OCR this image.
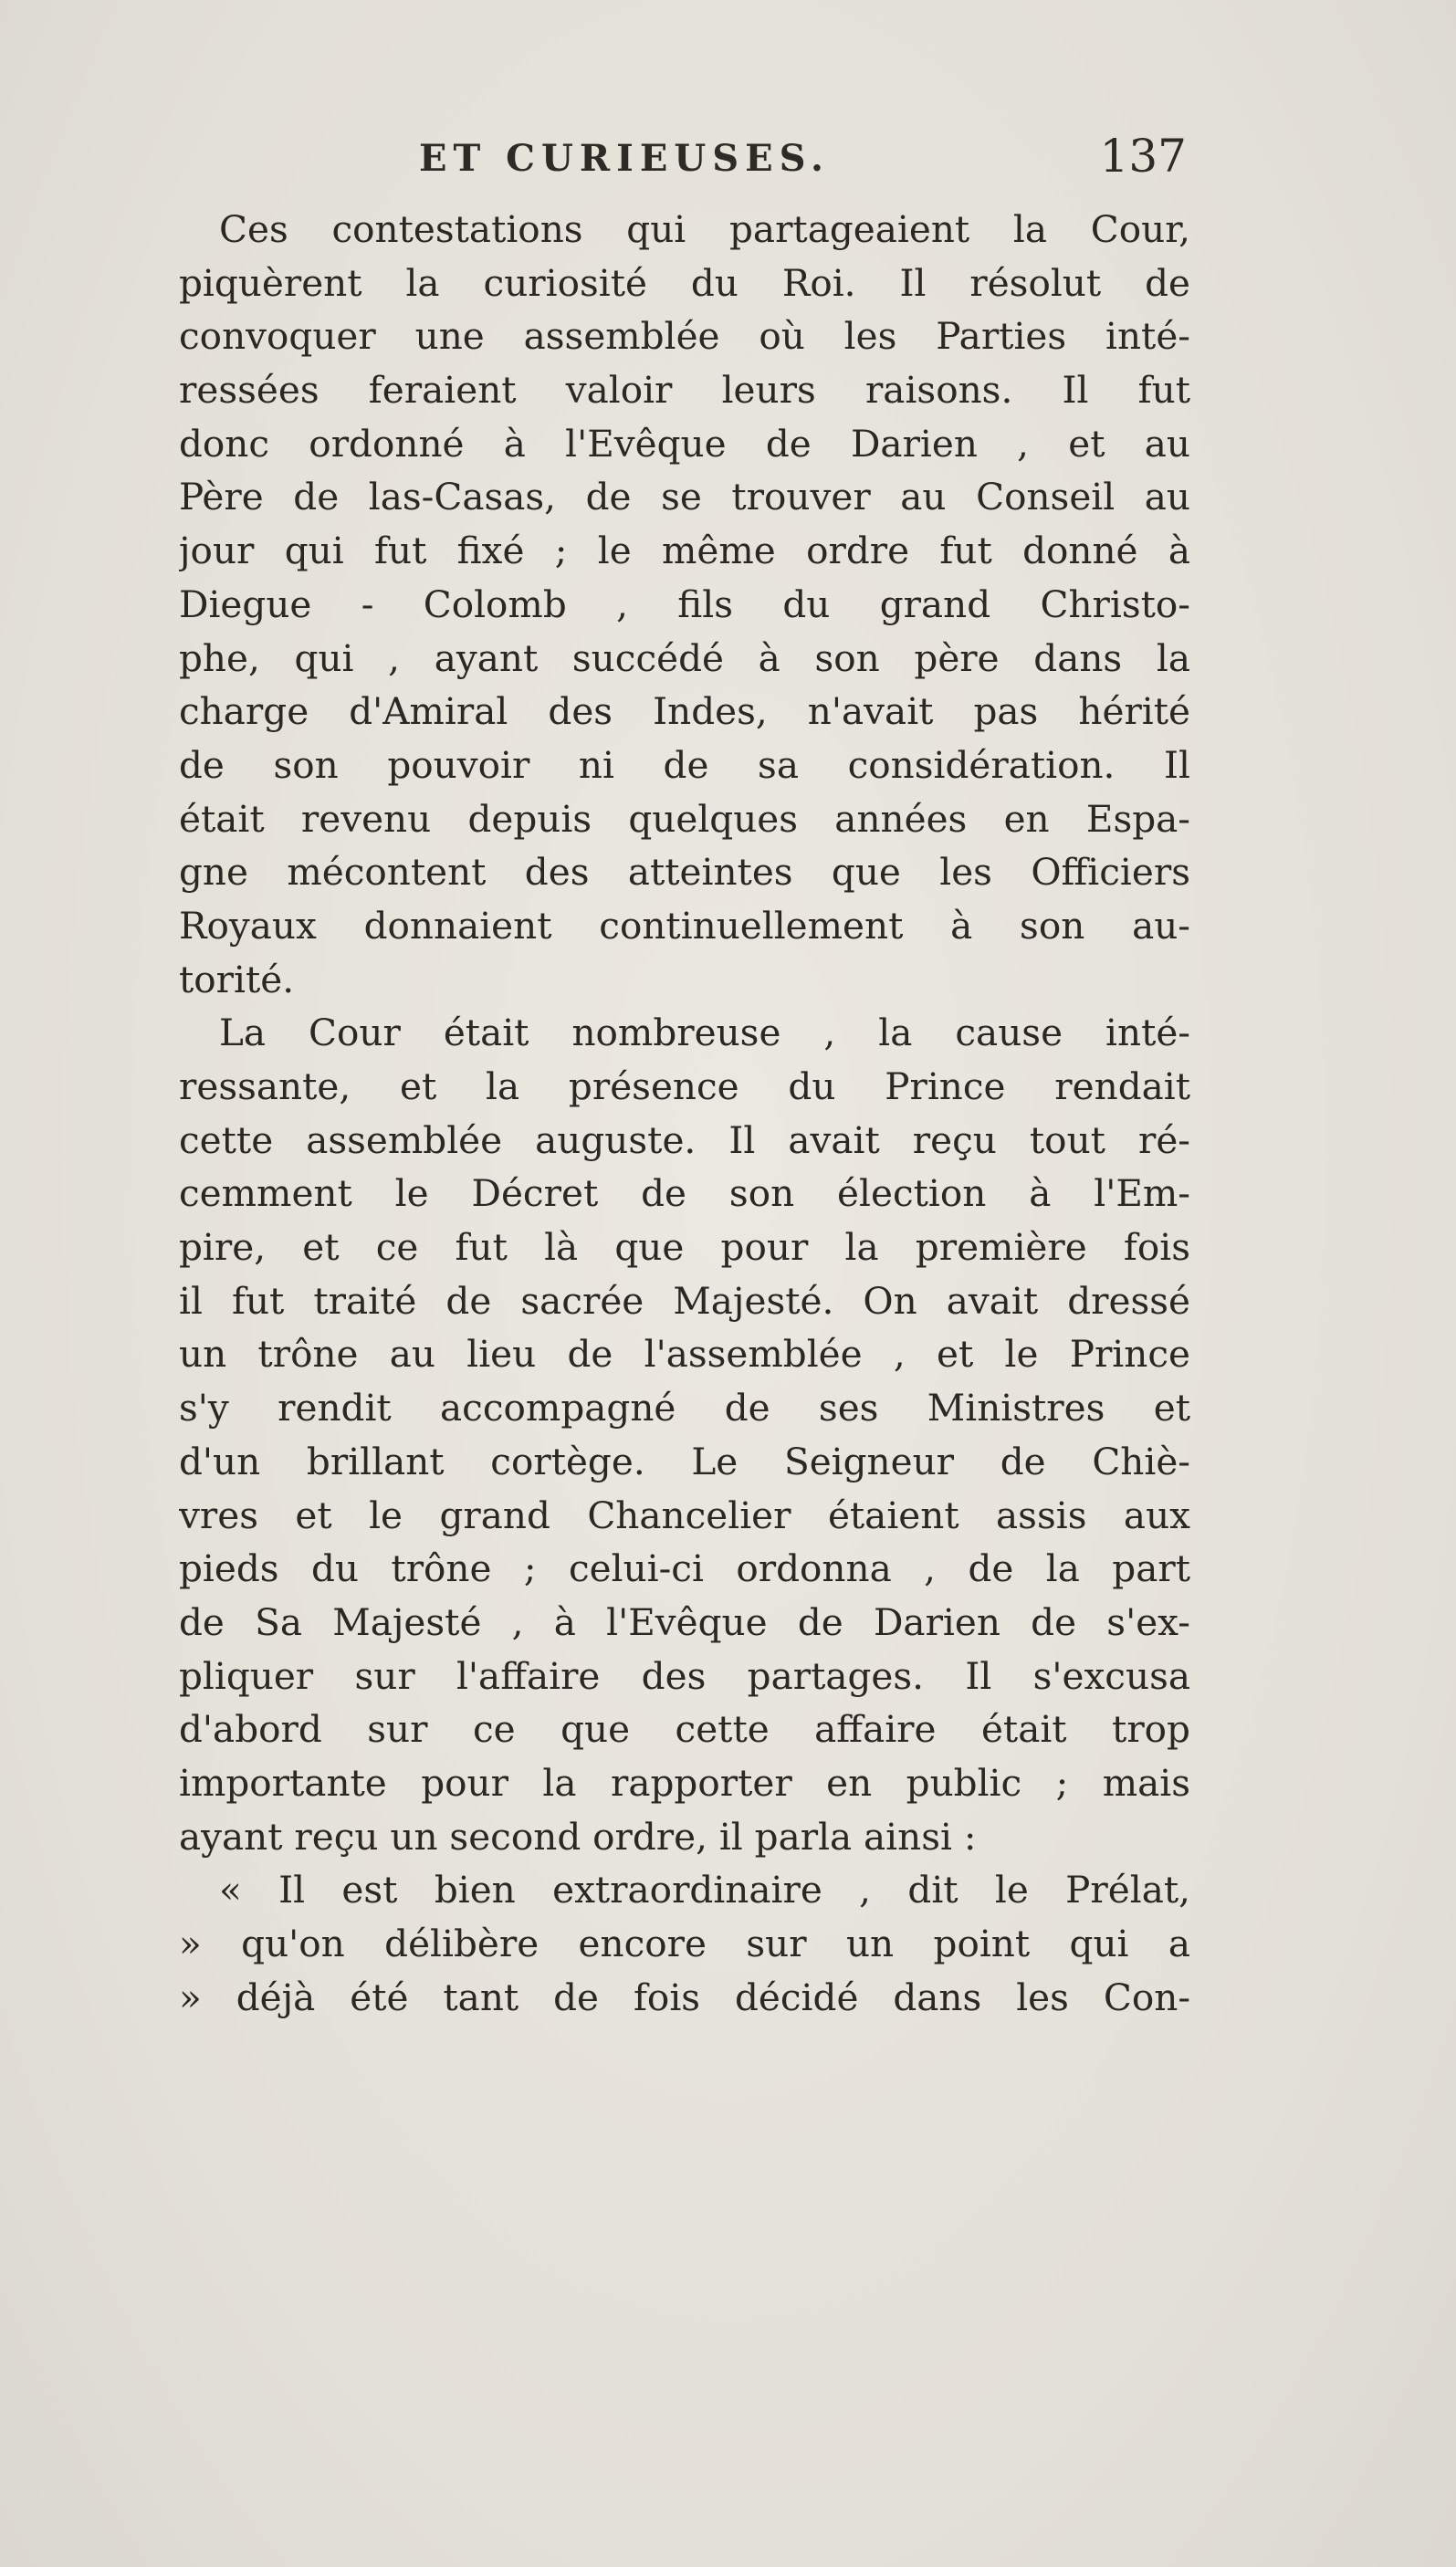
ET CURIEUSES.	137
Ces contestations qui partageaient la Cour,
piquèrent la curiosité du Roi. Il résolut de
convoquer une assemblée où les Parties inté-
ressées feraient valoir leurs raisons. Il fut
donc ordonné à l'Evêque de Darien , et au
Père de las-Casas, de se trouver au Conseil au
jour qui fut fixé ; le même ordre fut donné à
Diegue - Colomb , fils du grand Christo-
phe, qui , ayant succédé à son père dans la
charge d'Amiral des Indes, n'avait pas hérité
de son pouvoir ni de sa considération. Il
était revenu depuis quelques années en Espa-
gne mécontent des atteintes que les Officiers
Royaux donnaient continuellement à son au-
torité.
La Cour était nombreuse , la cause inté-
ressante, et la présence du Prince rendait
cette assemblée auguste. Il avait reçu tout ré-
cemment le Décret de son élection à l'Em-
pire, et ce fut là que pour la première fois
il fut traité de sacrée Majesté. On avait dressé
un trône au lieu de l'assemblée , et le Prince
s'y rendit accompagné de ses Ministres et
d'un brillant cortège. Le Seigneur de Chiè-
vres et le grand Chancelier étaient assis aux
pieds du trône ; celui-ci ordonna , de la part
de Sa Majesté , à l'Evêque de Darien de s'ex-
pliquer sur l'affaire des partages. Il s'excusa
d'abord sur ce que cette affaire était trop
importante pour la rapporter en public ; mais
ayant reçu un second ordre, il parla ainsi :
« Il est bien extraordinaire , dit le Prélat,
» qu'on délibère encore sur un point qui a
» déjà été tant de fois décidé dans les Con-
